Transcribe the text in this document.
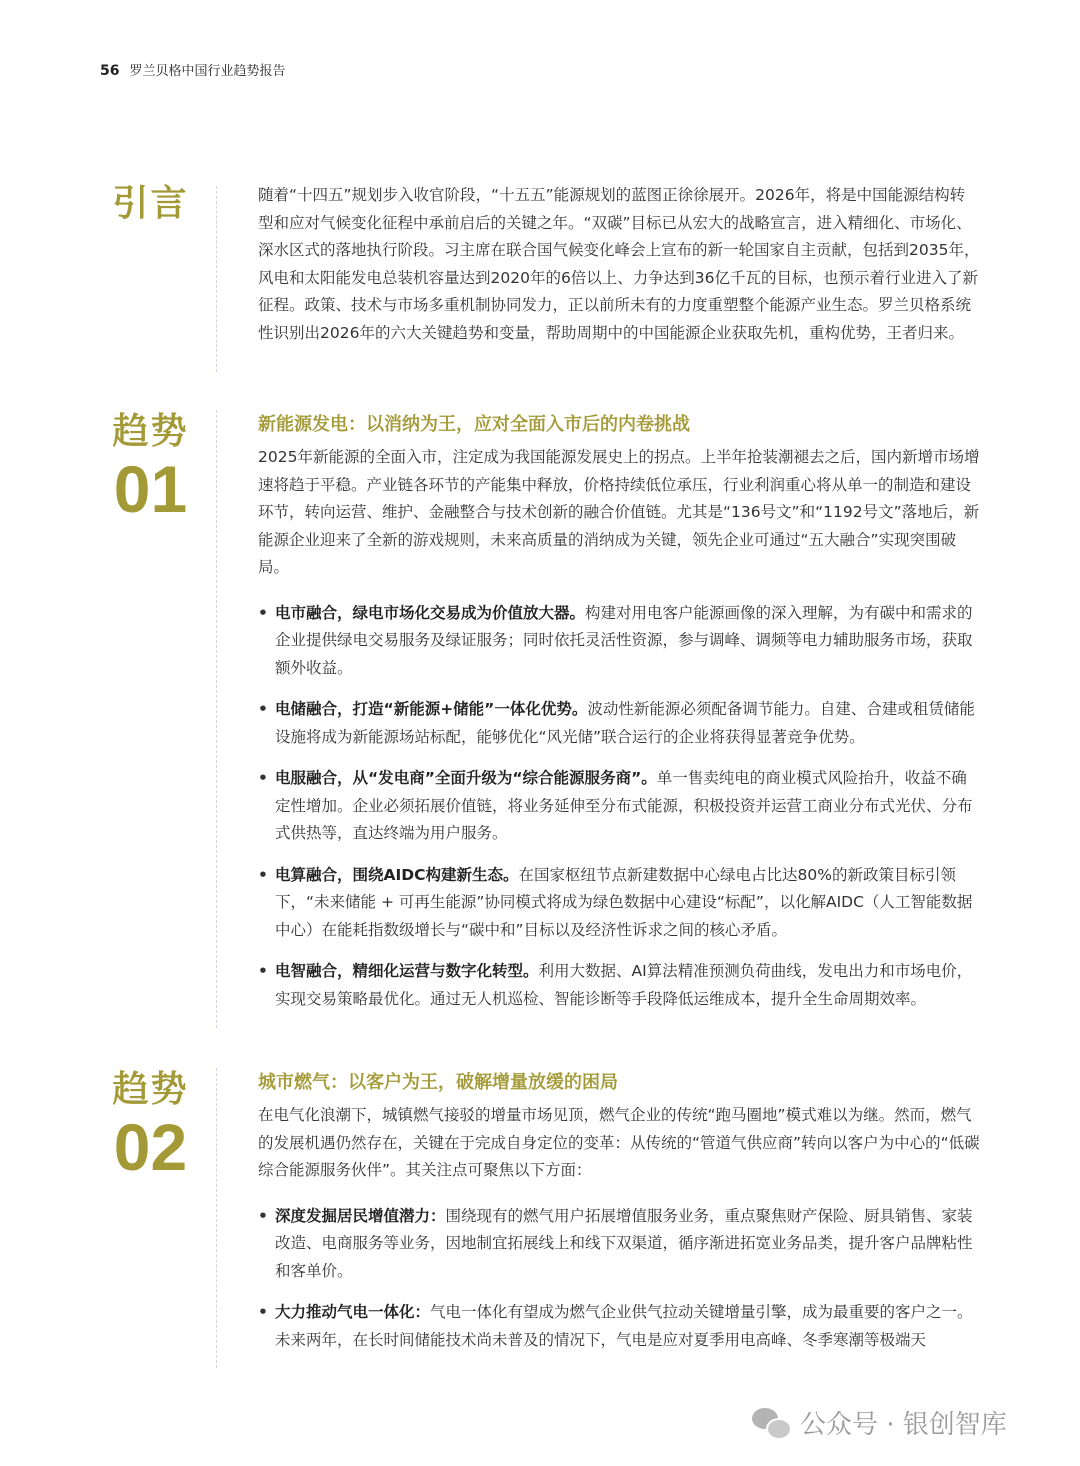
56 罗兰贝格中国行业趋势报告
引言	随着“十四五”规划步入收官阶段，“十五五”能源规划的蓝图正徐徐展开。2026年，将是中国能源结构转型和应对气候变化征程中承前启后的关键之年。“双碳”目标已从宏大的战略宣言，进入精细化、市场化、深水区式的落地执行阶段。习主席在联合国气候变化峰会上宣布的新一轮国家自主贡献，包括到2035年，风电和太阳能发电总装机容量达到2020年的6倍以上、力争达到36亿千瓦的目标，也预示着行业进入了新征程。政策、技术与市场多重机制协同发力，正以前所未有的力度重塑整个能源产业生态。罗兰贝格系统性识别出2026年的六大关键趋势和变量，帮助周期中的中国能源企业获取先机，重构优势，王者归来。

趋势
01

新能源发电：以消纳为王，应对全面入市后的内卷挑战

2025年新能源的全面入市，注定成为我国能源发展史上的拐点。上半年抢装潮褪去之后，国内新增市场增速将趋于平稳。产业链各环节的产能集中释放，价格持续低位承压，行业利润重心将从单一的制造和建设环节，转向运营、维护、金融整合与技术创新的融合价值链。尤其是“136号文”和“1192号文”落地后，新能源企业迎来了全新的游戏规则，未来高质量的消纳成为关键，领先企业可通过“五大融合”实现突围破局。

• 电市融合，绿电市场化交易成为价值放大器。构建对用电客户能源画像的深入理解，为有碳中和需求的企业提供绿电交易服务及绿证服务；同时依托灵活性资源，参与调峰、调频等电力辅助服务市场，获取额外收益。
• 电储融合，打造“新能源+储能”一体化优势。波动性新能源必须配备调节能力。自建、合建或租赁储能设施将成为新能源场站标配，能够优化“风光储”联合运行的企业将获得显著竞争优势。
• 电服融合，从“发电商”全面升级为“综合能源服务商”。单一售卖纯电的商业模式风险抬升，收益不确定性增加。企业必须拓展价值链，将业务延伸至分布式能源，积极投资并运营工商业分布式光伏、分布式供热等，直达终端为用户服务。
• 电算融合，围绕AIDC构建新生态。在国家枢纽节点新建数据中心绿电占比达80%的新政策目标引领下，“未来储能 + 可再生能源”协同模式将成为绿色数据中心建设“标配”，以化解AIDC（人工智能数据中心）在能耗指数级增长与“碳中和”目标以及经济性诉求之间的核心矛盾。
• 电智融合，精细化运营与数字化转型。利用大数据、AI算法精准预测负荷曲线，发电出力和市场电价，实现交易策略最优化。通过无人机巡检、智能诊断等手段降低运维成本，提升全生命周期效率。
趋势
02

城市燃气：以客户为王，破解增量放缓的困局

在电气化浪潮下，城镇燃气接驳的增量市场见顶，燃气企业的传统“跑马圈地”模式难以为继。然而，燃气的发展机遇仍然存在，关键在于完成自身定位的变革：从传统的“管道气供应商”转向以客户为中心的“低碳综合能源服务伙伴”。其关注点可聚焦以下方面：

• 深度发掘居民增值潜力：围绕现有的燃气用户拓展增值服务业务，重点聚焦财产保险、厨具销售、家装改造、电商服务等业务，因地制宜拓展线上和线下双渠道，循序渐进拓宽业务品类，提升客户品牌粘性和客单价。
• 大力推动气电一体化：气电一体化有望成为燃气企业供气拉动关键增量引擎，成为最重要的客户之一。未来两年，在长时间储能技术尚未普及的情况下，气电是应对夏季用电高峰、冬季寒潮等极端天
公众号 · 银创智库
